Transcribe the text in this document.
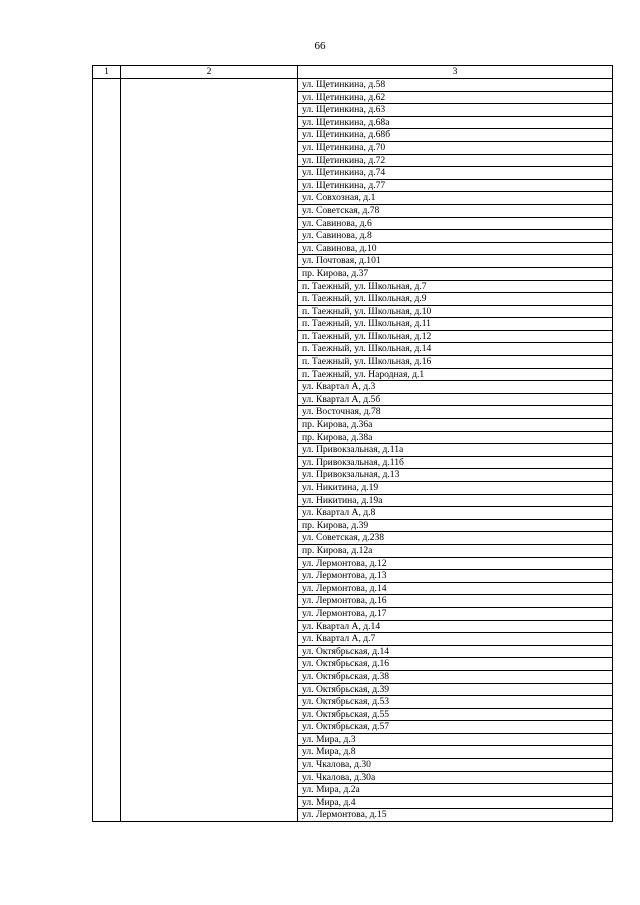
66
1	2	3
		ул. Щетинкина, д.58
		ул. Щетинкина, д.62
		ул. Щетинкина, д.63
		ул. Щетинкина, д.68а
		ул. Щетинкина, д.68б
		ул. Щетинкина, д.70
		ул. Щетинкина, д.72
		ул. Щетинкина, д.74
		ул. Щетинкина, д.77
		ул. Совхозная, д.1
		ул. Советская, д.78
		ул. Савинова, д.6
		ул. Савинова, д.8
		ул. Савинова, д.10
		ул. Почтовая, д.101
		пр. Кирова, д.37
		п. Таежный, ул. Школьная, д.7
		п. Таежный, ул. Школьная, д.9
		п. Таежный, ул. Школьная, д.10
		п. Таежный, ул. Школьная, д.11
		п. Таежный, ул. Школьная, д.12
		п. Таежный, ул. Школьная, д.14
		п. Таежный, ул. Школьная, д.16
		п. Таежный, ул. Народная, д.1
		ул. Квартал А, д.3
		ул. Квартал А, д.5б
		ул. Восточная, д.78
		пр. Кирова, д.36а
		пр. Кирова, д.38а
		ул. Привокзальная, д.11а
		ул. Привокзальная, д.11б
		ул. Привокзальная, д.13
		ул. Никитина, д.19
		ул. Никитина, д.19а
		ул. Квартал А, д.8
		пр. Кирова, д.39
		ул. Советская, д.238
		пр. Кирова, д.12а
		ул. Лермонтова, д.12
		ул. Лермонтова, д.13
		ул. Лермонтова, д.14
		ул. Лермонтова, д.16
		ул. Лермонтова, д.17
		ул. Квартал А, д.14
		ул. Квартал А, д.7
		ул. Октябрьская, д.14
		ул. Октябрьская, д.16
		ул. Октябрьская, д.38
		ул. Октябрьская, д.39
		ул. Октябрьская, д.53
		ул. Октябрьская, д.55
		ул. Октябрьская, д.57
		ул. Мира, д.3
		ул. Мира, д.8
		ул. Чкалова, д.30
		ул. Чкалова, д.30а
		ул. Мира, д.2а
		ул. Мира, д.4
		ул. Лермонтова, д.15
